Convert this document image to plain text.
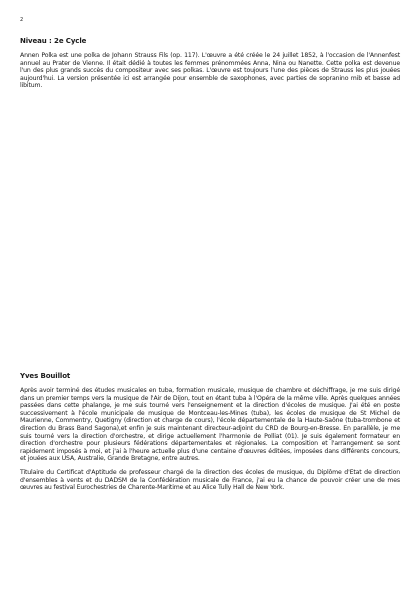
2
Niveau : 2e Cycle

Annen Polka est une polka de Johann Strauss Fils (op. 117). L'œuvre a été créée le 24 juillet 1852, à l'occasion de l'Annenfest annuel au Prater de Vienne. Il était dédié à toutes les femmes prénommées Anna, Nina ou Nanette. Cette polka est devenue l'un des plus grands succès du compositeur avec ses polkas. L'œuvre est toujours l'une des pièces de Strauss les plus jouées aujourd'hui. La version présentée ici est arrangée pour ensemble de saxophones, avec parties de sopranino mib et basse ad libitum.

Yves Bouillot

Après avoir terminé des études musicales en tuba, formation musicale, musique de chambre et déchiffrage, je me suis dirigé dans un premier temps vers la musique de l'Air de Dijon, tout en étant tuba à l'Opéra de la même ville. Après quelques années passées dans cette phalange, je me suis tourné vers l'enseignement et la direction d'écoles de musique. J'ai été en poste successivement à l'école municipale de musique de Montceau-les-Mines (tuba), les écoles de musique de St Michel de Maurienne, Commentry, Quetigny (direction et charge de cours), l'école départementale de la Haute-Saône (tuba-trombone et direction du Brass Band Sagona),et enfin je suis maintenant directeur-adjoint du CRD de Bourg-en-Bresse. En parallèle, je me suis tourné vers la direction d'orchestre, et dirige actuellement l'harmonie de Polliat (01). Je suis également formateur en direction d'orchestre pour plusieurs fédérations départementales et régionales. La composition et l'arrangement se sont rapidement imposés à moi, et j'ai à l'heure actuelle plus d'une centaine d'œuvres éditées, imposées dans différents concours, et jouées aux USA, Australie, Grande Bretagne, entre autres.

Titulaire du Certificat d'Aptitude de professeur chargé de la direction des écoles de musique, du Diplôme d'Etat de direction d'ensembles à vents et du DADSM de la Confédération musicale de France, j'ai eu la chance de pouvoir créer une de mes œuvres au festival Eurochestries de Charente-Maritime et au Alice Tully Hall de New York.
